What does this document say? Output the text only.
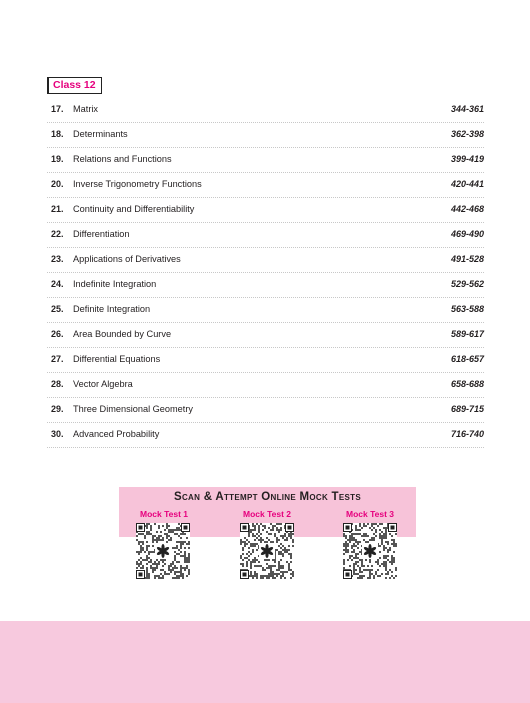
Class 12
17. Matrix	344-361
18. Determinants	362-398
19. Relations and Functions	399-419
20. Inverse Trigonometry Functions	420-441
21. Continuity and Differentiability	442-468
22. Differentiation	469-490
23. Applications of Derivatives	491-528
24. Indefinite Integration	529-562
25. Definite Integration	563-588
26. Area Bounded by Curve	589-617
27. Differential Equations	618-657
28. Vector Algebra	658-688
29. Three Dimensional Geometry	689-715
30. Advanced Probability	716-740
Scan & Attempt Online Mock Tests
Mock Test 1	Mock Test 2	Mock Test 3
